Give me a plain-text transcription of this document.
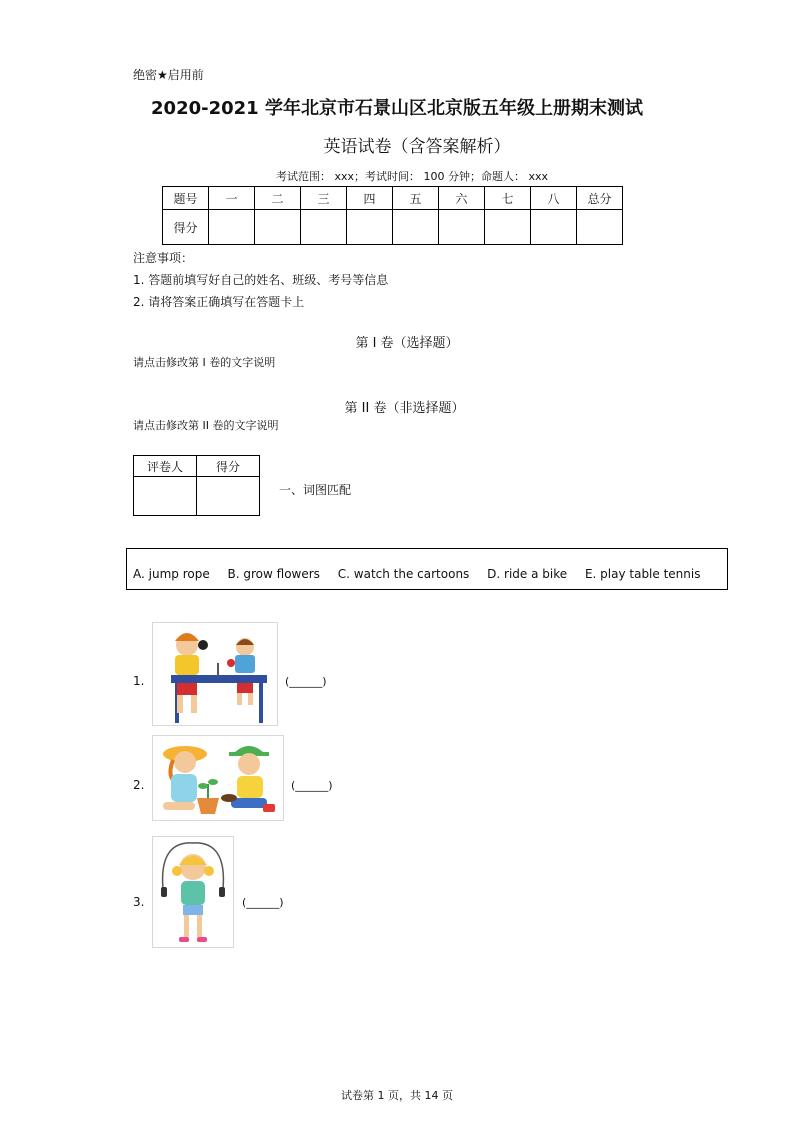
绝密★启用前
2020-2021 学年北京市石景山区北京版五年级上册期末测试
英语试卷（含答案解析）
考试范围： xxx；考试时间： 100 分钟；命题人： xxx
题号	一	二	三	四	五	六	七	八	总分
得分									
注意事项：
1. 答题前填写好自己的姓名、班级、考号等信息
2. 请将答案正确填写在答题卡上
第 I 卷（选择题）
请点击修改第 I 卷的文字说明
第 II 卷（非选择题）
请点击修改第 II 卷的文字说明
评卷人	得分

一、词图匹配
A. jump rope B. grow flowers C. watch the cartoons D. ride a bike E. play table tennis
1.	(______)
2.	(______)
3.	(______)
试卷第 1 页，共 14 页
